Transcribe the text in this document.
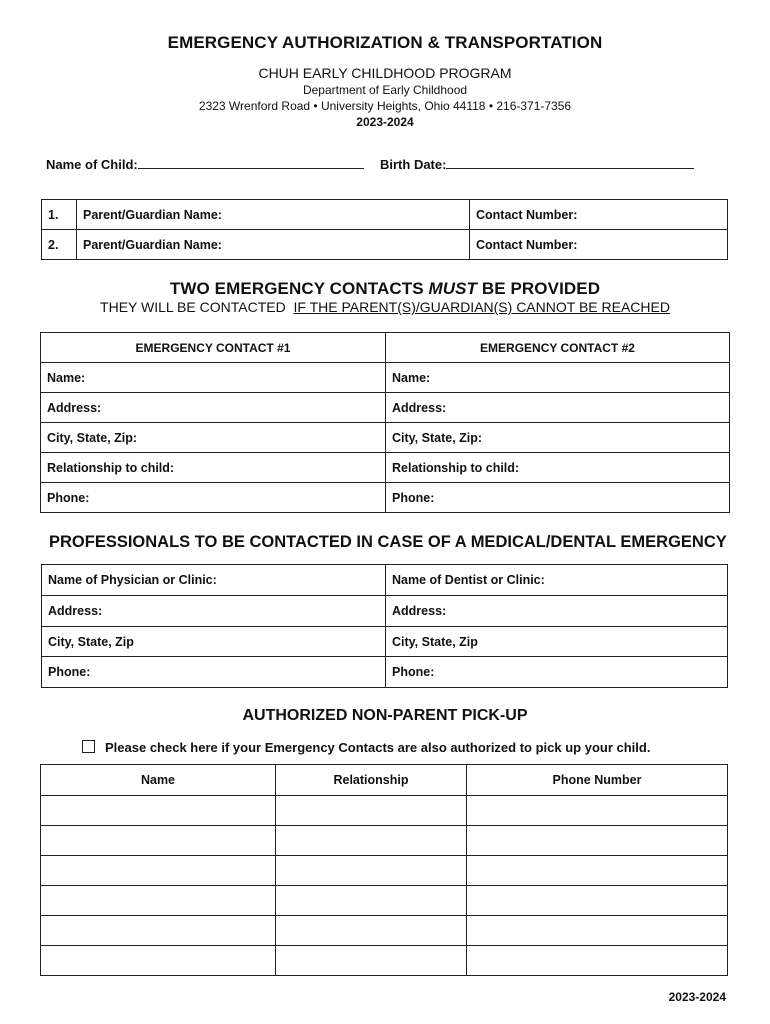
EMERGENCY AUTHORIZATION & TRANSPORTATION
CHUH EARLY CHILDHOOD PROGRAM
Department of Early Childhood
2323 Wrenford Road • University Heights, Ohio 44118 • 216-371-7356
2023-2024
Name of Child:	Birth Date:
1.	Parent/Guardian Name:	Contact Number:
2.	Parent/Guardian Name:	Contact Number:
TWO EMERGENCY CONTACTS MUST BE PROVIDED
THEY WILL BE CONTACTED IF THE PARENT(S)/GUARDIAN(S) CANNOT BE REACHED
EMERGENCY CONTACT #1	EMERGENCY CONTACT #2
Name:	Name:
Address:	Address:
City, State, Zip:	City, State, Zip:
Relationship to child:	Relationship to child:
Phone:	Phone:
PROFESSIONALS TO BE CONTACTED IN CASE OF A MEDICAL/DENTAL EMERGENCY
Name of Physician or Clinic:	Name of Dentist or Clinic:
Address:	Address:
City, State, Zip	City, State, Zip
Phone:	Phone:
AUTHORIZED NON-PARENT PICK-UP
Please check here if your Emergency Contacts are also authorized to pick up your child.
Name	Relationship	Phone Number

2023-2024
